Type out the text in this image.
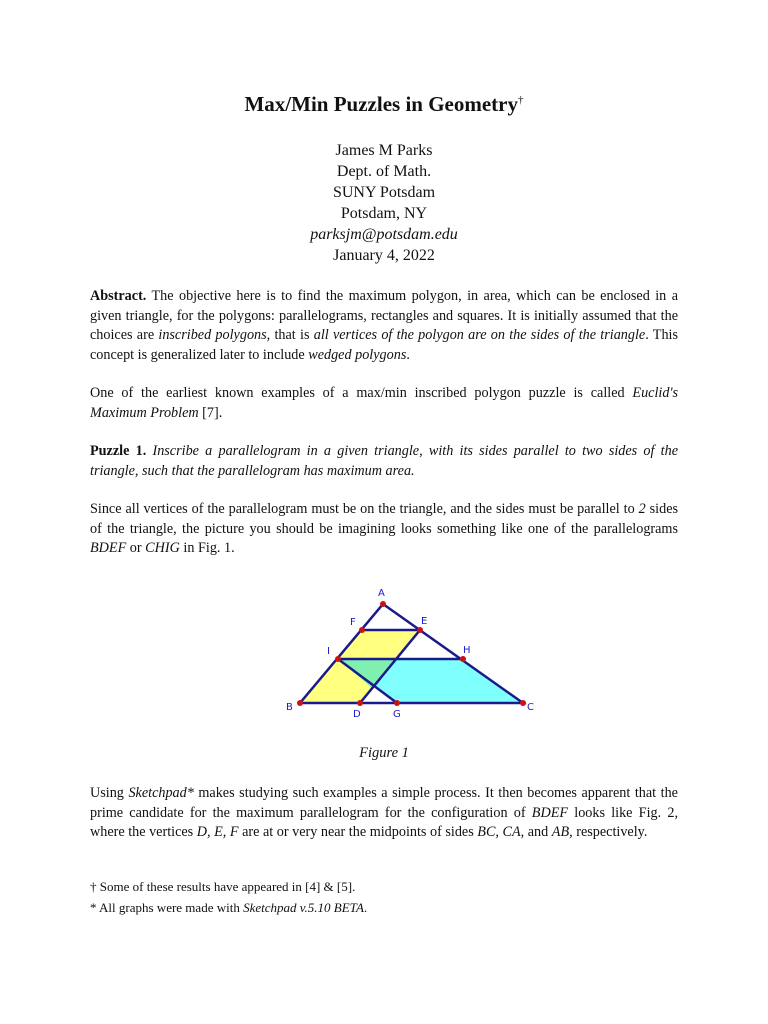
Max/Min Puzzles in Geometry†
James M Parks
Dept. of Math.
SUNY Potsdam
Potsdam, NY
parksjm@potsdam.edu
January 4, 2022

Abstract. The objective here is to find the maximum polygon, in area, which can be enclosed in a given triangle, for the polygons: parallelograms, rectangles and squares. It is initially assumed that the choices are inscribed polygons, that is all vertices of the polygon are on the sides of the triangle. This concept is generalized later to include wedged polygons.

One of the earliest known examples of a max/min inscribed polygon puzzle is called Euclid's Maximum Problem [7].

Puzzle 1. Inscribe a parallelogram in a given triangle, with its sides parallel to two sides of the triangle, such that the parallelogram has maximum area.

Since all vertices of the parallelogram must be on the triangle, and the sides must be parallel to 2 sides of the triangle, the picture you should be imagining looks something like one of the parallelograms BDEF or CHIG in Fig. 1.

A
B	C
D
E
F
G
H
I
Figure 1

Using Sketchpad* makes studying such examples a simple process. It then becomes apparent that the prime candidate for the maximum parallelogram for the configuration of BDEF looks like Fig. 2, where the vertices D, E, F are at or very near the midpoints of sides BC, CA, and AB, respectively.

† Some of these results have appeared in [4] & [5].
* All graphs were made with Sketchpad v.5.10 BETA.
